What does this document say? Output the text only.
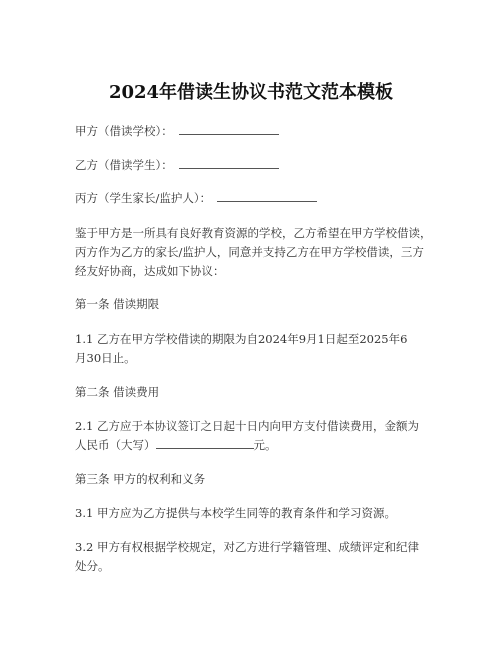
2024年借读生协议书范文范本模板
甲方（借读学校）：
乙方（借读学生）：
丙方（学生家长/监护人）：
鉴于甲方是一所具有良好教育资源的学校，乙方希望在甲方学校借读，
丙方作为乙方的家长/监护人，同意并支持乙方在甲方学校借读，三方
经友好协商，达成如下协议：
第一条 借读期限
1.1 乙方在甲方学校借读的期限为自2024年9月1日起至2025年6
月30日止。
第二条 借读费用
2.1 乙方应于本协议签订之日起十日内向甲方支付借读费用，金额为
人民币（大写）	元。
第三条 甲方的权利和义务
3.1 甲方应为乙方提供与本校学生同等的教育条件和学习资源。
3.2 甲方有权根据学校规定，对乙方进行学籍管理、成绩评定和纪律
处分。
